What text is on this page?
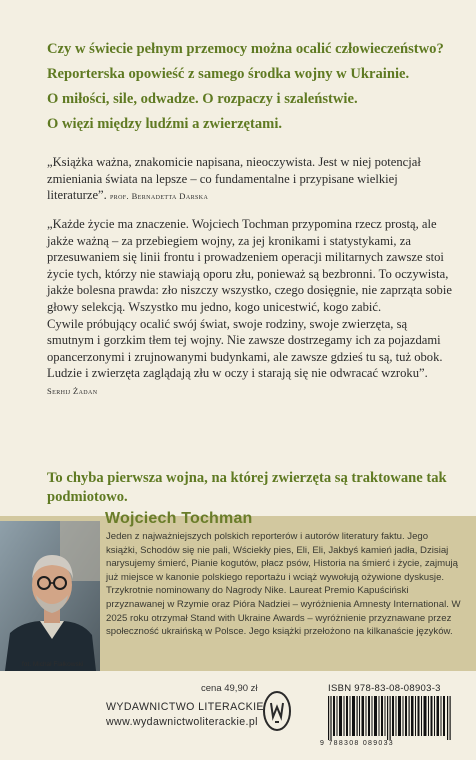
Czy w świecie pełnym przemocy można ocalić człowieczeństwo?

Reporterska opowieść z samego środka wojny w Ukrainie.

O miłości, sile, odwadze. O rozpaczy i szaleństwie.

O więzi między ludźmi a zwierzętami.

„Książka ważna, znakomicie napisana, nieoczywista. Jest w niej potencjał zmieniania świata na lepsze – co fundamentalne i przypisane wielkiej literaturze”. prof. Bernadetta Darska

„Każde życie ma znaczenie. Wojciech Tochman przypomina rzecz prostą, ale jakże ważną – za przebiegiem wojny, za jej kronikami i statystykami, za przesuwaniem się linii frontu i prowadzeniem operacji militarnych zawsze stoi życie tych, którzy nie stawiają oporu złu, ponieważ są bezbronni. To oczywista, jakże bolesna prawda: zło niszczy wszystko, czego dosięgnie, nie zaprząta sobie głowy selekcją. Wszystko mu jedno, kogo unicestwić, kogo zabić.

Cywile próbujący ocalić swój świat, swoje rodziny, swoje zwierzęta, są smutnym i gorzkim tłem tej wojny. Nie zawsze dostrzegamy ich za pojazdami opancerzonymi i zrujnowanymi budynkami, ale zawsze gdzieś tu są, tuż obok.

Ludzie i zwierzęta zaglądają złu w oczy i starają się nie odwracać wzroku”. Serhij Żadan

To chyba pierwsza wojna, na której zwierzęta są traktowane tak podmiotowo.

fot. Michał Fiałkowski
Wojciech Tochman
Jeden z najważniejszych polskich reporterów i autorów literatury faktu. Jego książki, Schodów się nie pali, Wściekły pies, Eli, Eli, Jakbyś kamień jadła, Dzisiaj narysujemy śmierć, Pianie kogutów, płacz psów, Historia na śmierć i życie, zajmują już miejsce w kanonie polskiego reportażu i wciąż wywołują ożywione dyskusje. Trzykrotnie nominowany do Nagrody Nike. Laureat Premio Kapuściński przyznawanej w Rzymie oraz Pióra Nadziei – wyróżnienia Amnesty International. W 2025 roku otrzymał Stand with Ukraine Awards – wyróżnienie przyznawane przez społeczność ukraińską w Polsce. Jego książki przełożono na kilkanaście języków.
cena 49,90 zł
WYDAWNICTWO LITERACKIE
www.wydawnictwoliterackie.pl
ISBN 978-83-08-08903-3
9 788308 089033
